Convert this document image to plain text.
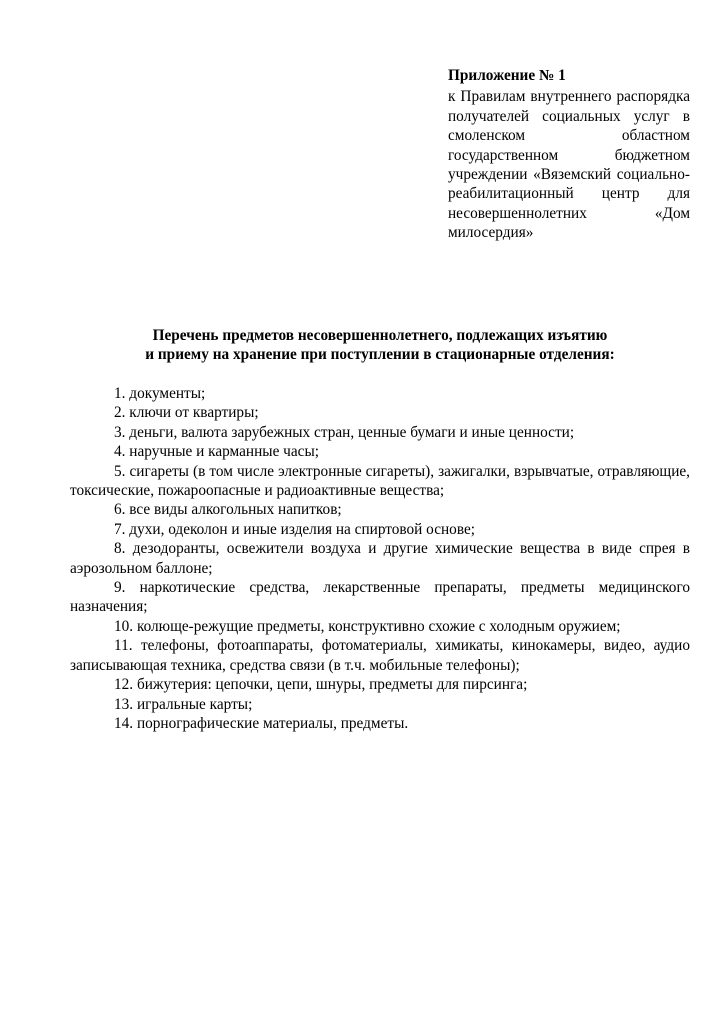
Приложение № 1
к Правилам внутреннего распорядка получателей социальных услуг в смоленском областном государственном бюджетном учреждении «Вяземский социально-реабилитационный центр для несовершеннолетних «Дом милосердия»
Перечень предметов несовершеннолетнего, подлежащих изъятию
и приему на хранение при поступлении в стационарные отделения:

1. документы;

2. ключи от квартиры;

3. деньги, валюта зарубежных стран, ценные бумаги и иные ценности;

4. наручные и карманные часы;

5. сигареты (в том числе электронные сигареты), зажигалки, взрывчатые, отравляющие, токсические, пожароопасные и радиоактивные вещества;

6. все виды алкогольных напитков;

7. духи, одеколон и иные изделия на спиртовой основе;

8. дезодоранты, освежители воздуха и другие химические вещества в виде спрея в аэрозольном баллоне;

9. наркотические средства, лекарственные препараты, предметы медицинского назначения;

10. колюще-режущие предметы, конструктивно схожие с холодным оружием;

11. телефоны, фотоаппараты, фотоматериалы, химикаты, кинокамеры, видео, аудио записывающая техника, средства связи (в т.ч. мобильные телефоны);

12. бижутерия: цепочки, цепи, шнуры, предметы для пирсинга;

13. игральные карты;

14. порнографические материалы, предметы.
